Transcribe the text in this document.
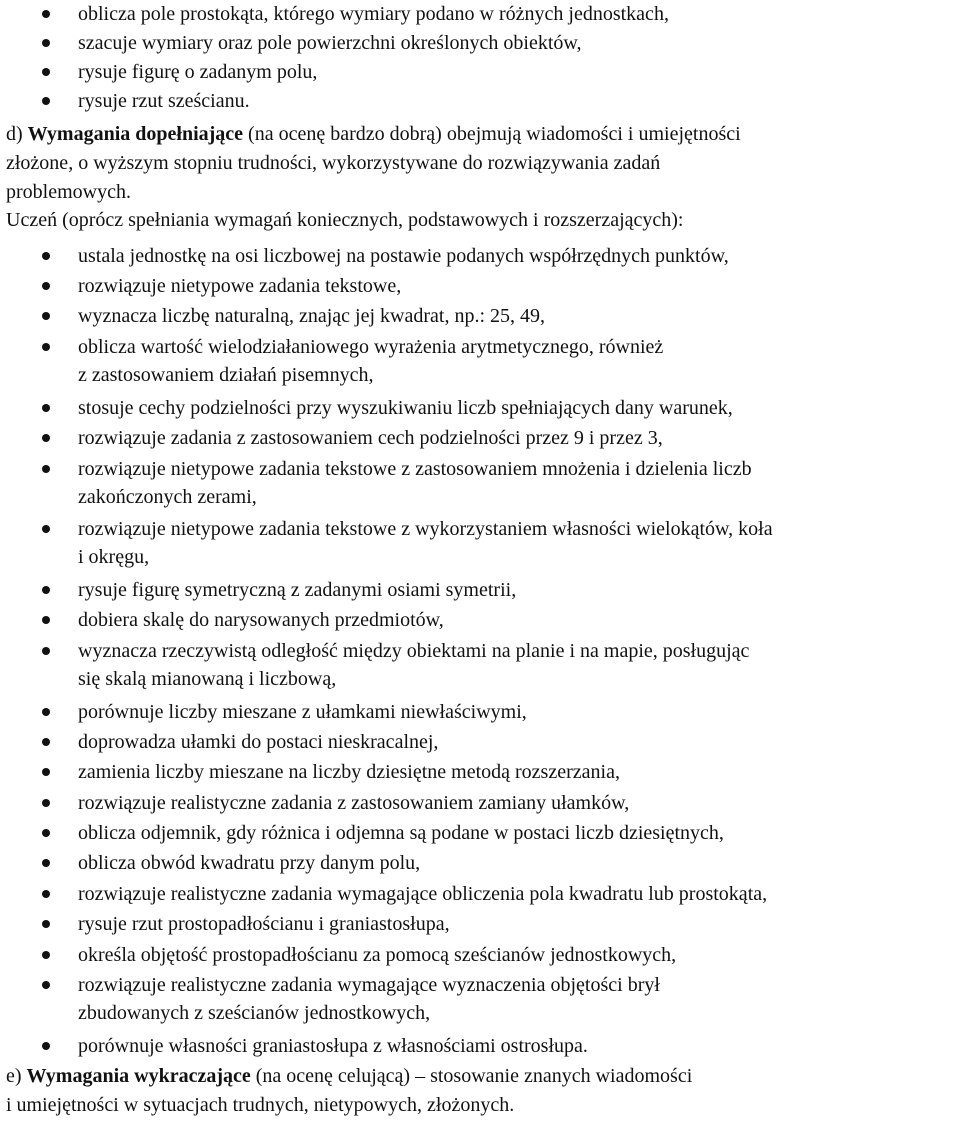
oblicza pole prostokąta, którego wymiary podano w różnych jednostkach,
szacuje wymiary oraz pole powierzchni określonych obiektów,
rysuje figurę o zadanym polu,
rysuje rzut sześcianu.
d) Wymagania dopełniające (na ocenę bardzo dobrą) obejmują wiadomości i umiejętności
złożone, o wyższym stopniu trudności, wykorzystywane do rozwiązywania zadań
problemowych.
Uczeń (oprócz spełniania wymagań koniecznych, podstawowych i rozszerzających):
ustala jednostkę na osi liczbowej na postawie podanych współrzędnych punktów,
rozwiązuje nietypowe zadania tekstowe,
wyznacza liczbę naturalną, znając jej kwadrat, np.: 25, 49,
oblicza wartość wielodziałaniowego wyrażenia arytmetycznego, również
z zastosowaniem działań pisemnych,
stosuje cechy podzielności przy wyszukiwaniu liczb spełniających dany warunek,
rozwiązuje zadania z zastosowaniem cech podzielności przez 9 i przez 3,
rozwiązuje nietypowe zadania tekstowe z zastosowaniem mnożenia i dzielenia liczb
zakończonych zerami,
rozwiązuje nietypowe zadania tekstowe z wykorzystaniem własności wielokątów, koła
i okręgu,
rysuje figurę symetryczną z zadanymi osiami symetrii,
dobiera skalę do narysowanych przedmiotów,
wyznacza rzeczywistą odległość między obiektami na planie i na mapie, posługując
się skalą mianowaną i liczbową,
porównuje liczby mieszane z ułamkami niewłaściwymi,
doprowadza ułamki do postaci nieskracalnej,
zamienia liczby mieszane na liczby dziesiętne metodą rozszerzania,
rozwiązuje realistyczne zadania z zastosowaniem zamiany ułamków,
oblicza odjemnik, gdy różnica i odjemna są podane w postaci liczb dziesiętnych,
oblicza obwód kwadratu przy danym polu,
rozwiązuje realistyczne zadania wymagające obliczenia pola kwadratu lub prostokąta,
rysuje rzut prostopadłościanu i graniastosłupa,
określa objętość prostopadłościanu za pomocą sześcianów jednostkowych,
rozwiązuje realistyczne zadania wymagające wyznaczenia objętości brył
zbudowanych z sześcianów jednostkowych,
porównuje własności graniastosłupa z własnościami ostrosłupa.
e) Wymagania wykraczające (na ocenę celującą) – stosowanie znanych wiadomości
i umiejętności w sytuacjach trudnych, nietypowych, złożonych.
